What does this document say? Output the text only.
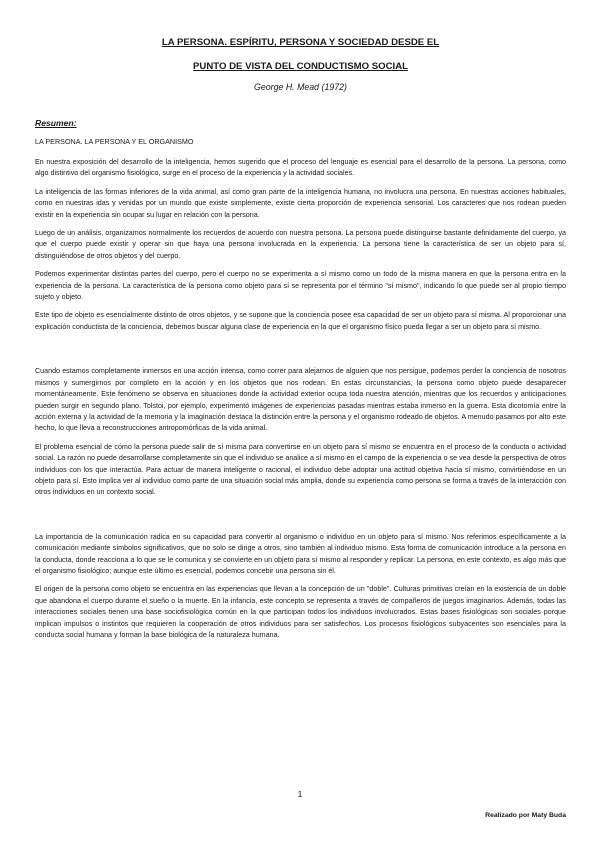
LA PERSONA. ESPÍRITU, PERSONA Y SOCIEDAD DESDE EL
PUNTO DE VISTA DEL CONDUCTISMO SOCIAL
George H. Mead (1972)
Resumen:
LA PERSONA. LA PERSONA Y EL ORGANISMO

En nuestra exposición del desarrollo de la inteligencia, hemos sugerido que el proceso del lenguaje es esencial para el desarrollo de la persona. La persona, como algo distintivo del organismo fisiológico, surge en el proceso de la experiencia y la actividad sociales.

La inteligencia de las formas inferiores de la vida animal, así como gran parte de la inteligencia humana, no involucra una persona. En nuestras acciones habituales, como en nuestras idas y venidas por un mundo que existe simplemente, existe cierta proporción de experiencia sensorial. Los caracteres que nos rodean pueden existir en la experiencia sin ocupar su lugar en relación con la persona.

Luego de un análisis, organizamos normalmente los recuerdos de acuerdo con nuestra persona. La persona puede distinguirse bastante definidamente del cuerpo, ya que el cuerpo puede existir y operar sin que haya una persona involucrada en la experiencia. La persona tiene la característica de ser un objeto para sí, distinguiéndose de otros objetos y del cuerpo.

Podemos experimentar distintas partes del cuerpo, pero el cuerpo no se experimenta a sí mismo como un todo de la misma manera en que la persona entra en la experiencia de la persona. La característica de la persona como objeto para sí se representa por el término "sí mismo", indicando lo que puede ser al propio tiempo sujeto y objeto.

Este tipo de objeto es esencialmente distinto de otros objetos, y se supone que la conciencia posee esa capacidad de ser un objeto para sí misma. Al proporcionar una explicación conductista de la conciencia, debemos buscar alguna clase de experiencia en la que el organismo físico pueda llegar a ser un objeto para sí mismo.

Cuando estamos completamente inmersos en una acción intensa, como correr para alejarnos de alguien que nos persigue, podemos perder la conciencia de nosotros mismos y sumergirnos por completo en la acción y en los objetos que nos rodean. En estas circunstancias, la persona como objeto puede desaparecer momentáneamente. Este fenómeno se observa en situaciones donde la actividad exterior ocupa toda nuestra atención, mientras que los recuerdos y anticipaciones pueden surgir en segundo plano. Tolstoi, por ejemplo, experimentó imágenes de experiencias pasadas mientras estaba inmerso en la guerra. Esta dicotomía entre la acción externa y la actividad de la memoria y la imaginación destaca la distinción entre la persona y el organismo rodeado de objetos. A menudo pasamos por alto este hecho, lo que lleva a reconstrucciones antropomórficas de la vida animal.

El problema esencial de cómo la persona puede salir de sí misma para convertirse en un objeto para sí mismo se encuentra en el proceso de la conducta o actividad social. La razón no puede desarrollarse completamente sin que el individuo se analice a sí mismo en el campo de la experiencia o se vea desde la perspectiva de otros individuos con los que interactúa. Para actuar de manera inteligente o racional, el individuo debe adoptar una actitud objetiva hacia sí mismo, convirtiéndose en un objeto para sí. Esto implica ver al individuo como parte de una situación social más amplia, donde su experiencia como persona se forma a través de la interacción con otros individuos en un contexto social.

La importancia de la comunicación radica en su capacidad para convertir al organismo o individuo en un objeto para sí mismo. Nos referimos específicamente a la comunicación mediante símbolos significativos, que no solo se dirige a otros, sino también al individuo mismo. Esta forma de comunicación introduce a la persona en la conducta, donde reacciona a lo que se le comunica y se convierte en un objeto para sí mismo al responder y replicar. La persona, en este contexto, es algo más que el organismo fisiológico; aunque este último es esencial, podemos concebir una persona sin él.

El origen de la persona como objeto se encuentra en las experiencias que llevan a la concepción de un "doble". Culturas primitivas creían en la existencia de un doble que abandona el cuerpo durante el sueño o la muerte. En la infancia, este concepto se representa a través de compañeros de juegos imaginarios. Además, todas las interacciones sociales tienen una base sociofisiológica común en la que participan todos los individuos involucrados. Estas bases fisiológicas son sociales porque implican impulsos o instintos que requieren la cooperación de otros individuos para ser satisfechos. Los procesos fisiológicos subyacentes son esenciales para la conducta social humana y forman la base biológica de la naturaleza humana.

1
Realizado por Maty Buda
